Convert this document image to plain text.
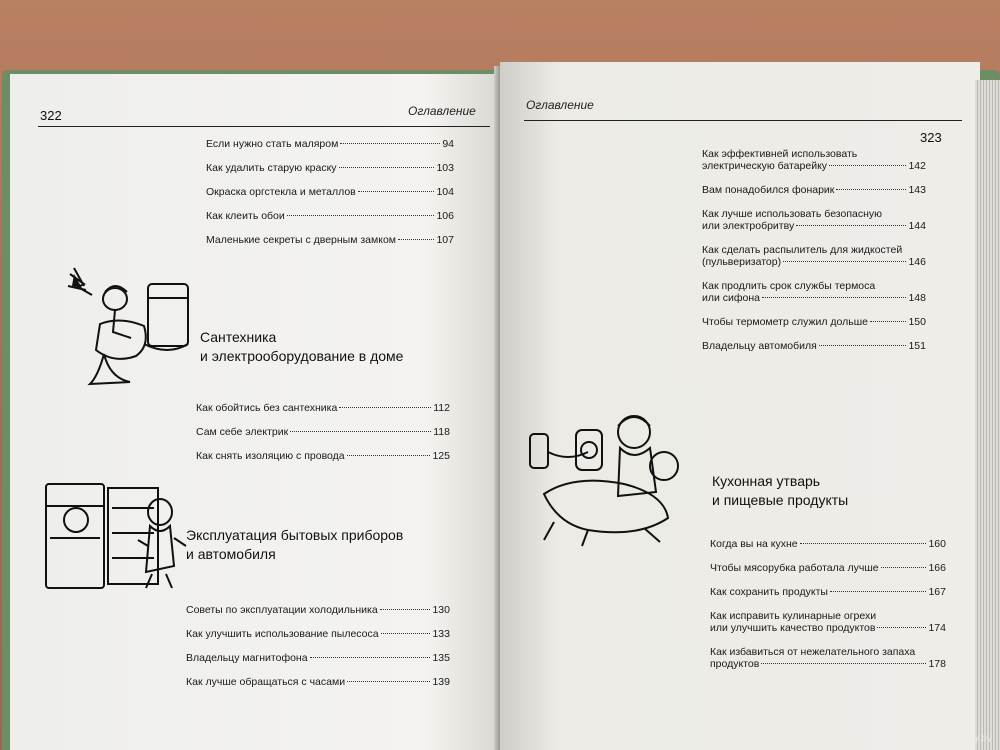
322	Оглавление
Если нужно стать маляром	94
Как удалить старую краску	103
Окраска оргстекла и металлов	104
Как клеить обои	106
Маленькие секреты с дверным замком	107
Сантехника
и электрооборудование в доме
Как обойтись без сантехника	112
Сам себе электрик	118
Как снять изоляцию с провода	125
Эксплуатация бытовых приборов
и автомобиля
Советы по эксплуатации холодильника	130
Как улучшить использование пылесоса	133
Владельцу магнитофона	135
Как лучше обращаться с часами	139
Оглавление
323
Как эффективней использовать
электрическую батарейку	142
Вам понадобился фонарик	143
Как лучше использовать безопасную
или электробритву	144
Как сделать распылитель для жидкостей
(пульверизатор)	146
Как продлить срок службы термоса
или сифона	148
Чтобы термометр служил дольше	150
Владельцу автомобиля	151
Кухонная утварь
и пищевые продукты
Когда вы на кухне	160
Чтобы мясорубка работала лучше	166
Как сохранить продукты	167
Как исправить кулинарные огрехи
или улучшить качество продуктов	174
Как избавиться от нежелательного запаха
продуктов	178
www.ay.by
